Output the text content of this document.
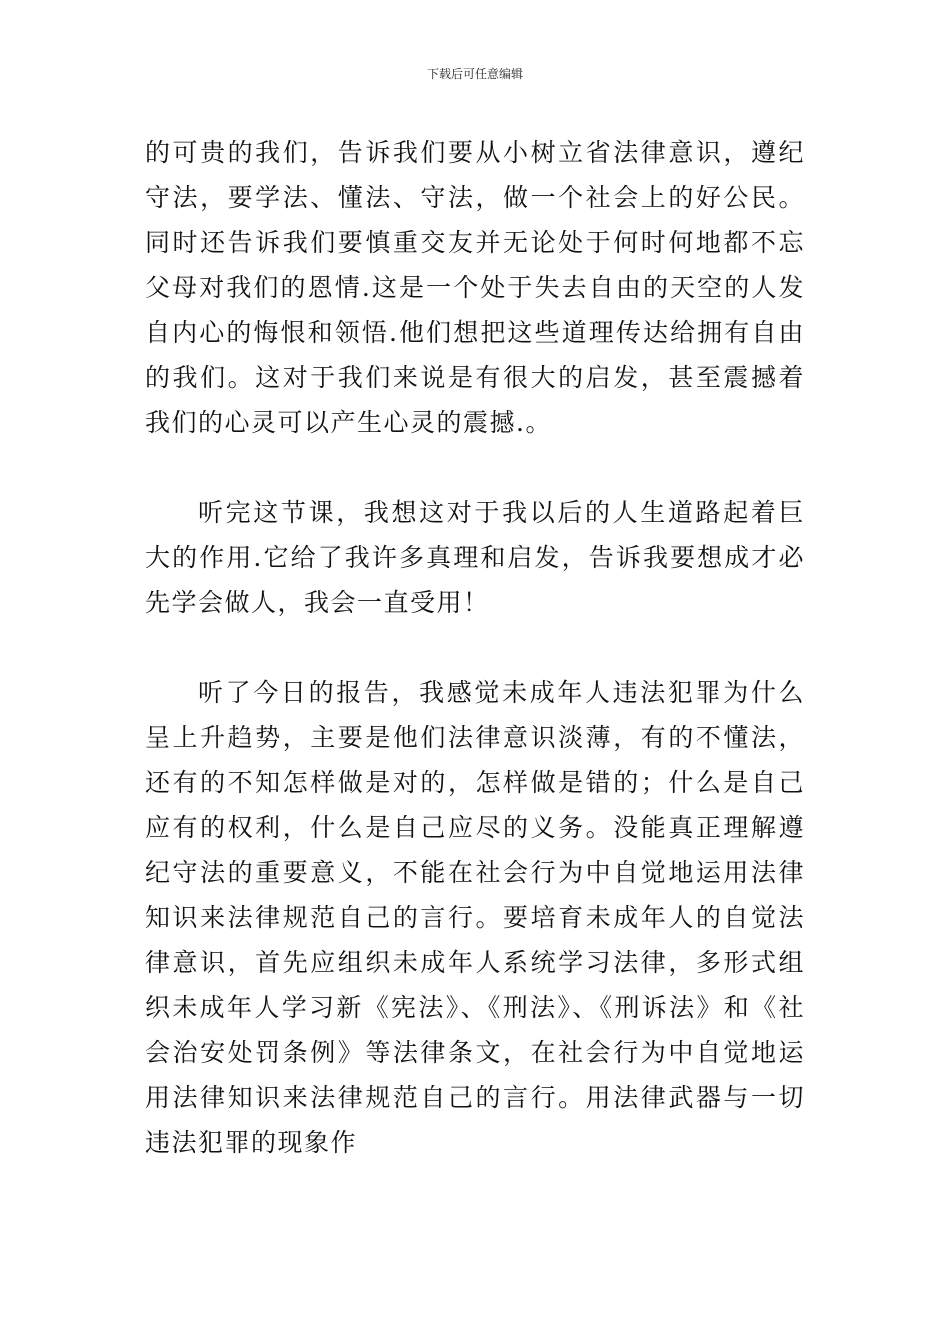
下载后可任意编辑

的可贵的我们，告诉我们要从小树立省法律意识，遵纪守法，要学法、懂法、守法，做一个社会上的好公民。同时还告诉我们要慎重交友并无论处于何时何地都不忘父母对我们的恩情.这是一个处于失去自由的天空的人发自内心的悔恨和领悟.他们想把这些道理传达给拥有自由的我们。这对于我们来说是有很大的启发，甚至震撼着我们的心灵可以产生心灵的震撼.。

听完这节课，我想这对于我以后的人生道路起着巨大的作用.它给了我许多真理和启发，告诉我要想成才必先学会做人，我会一直受用！

听了今日的报告，我感觉未成年人违法犯罪为什么呈上升趋势，主要是他们法律意识淡薄，有的不懂法，还有的不知怎样做是对的，怎样做是错的；什么是自己应有的权利，什么是自己应尽的义务。没能真正理解遵纪守法的重要意义，不能在社会行为中自觉地运用法律知识来法律规范自己的言行。要培育未成年人的自觉法律意识，首先应组织未成年人系统学习法律，多形式组织未成年人学习新《宪法》、《刑法》、《刑诉法》和《社会治安处罚条例》等法律条文，在社会行为中自觉地运用法律知识来法律规范自己的言行。用法律武器与一切违法犯罪的现象作
